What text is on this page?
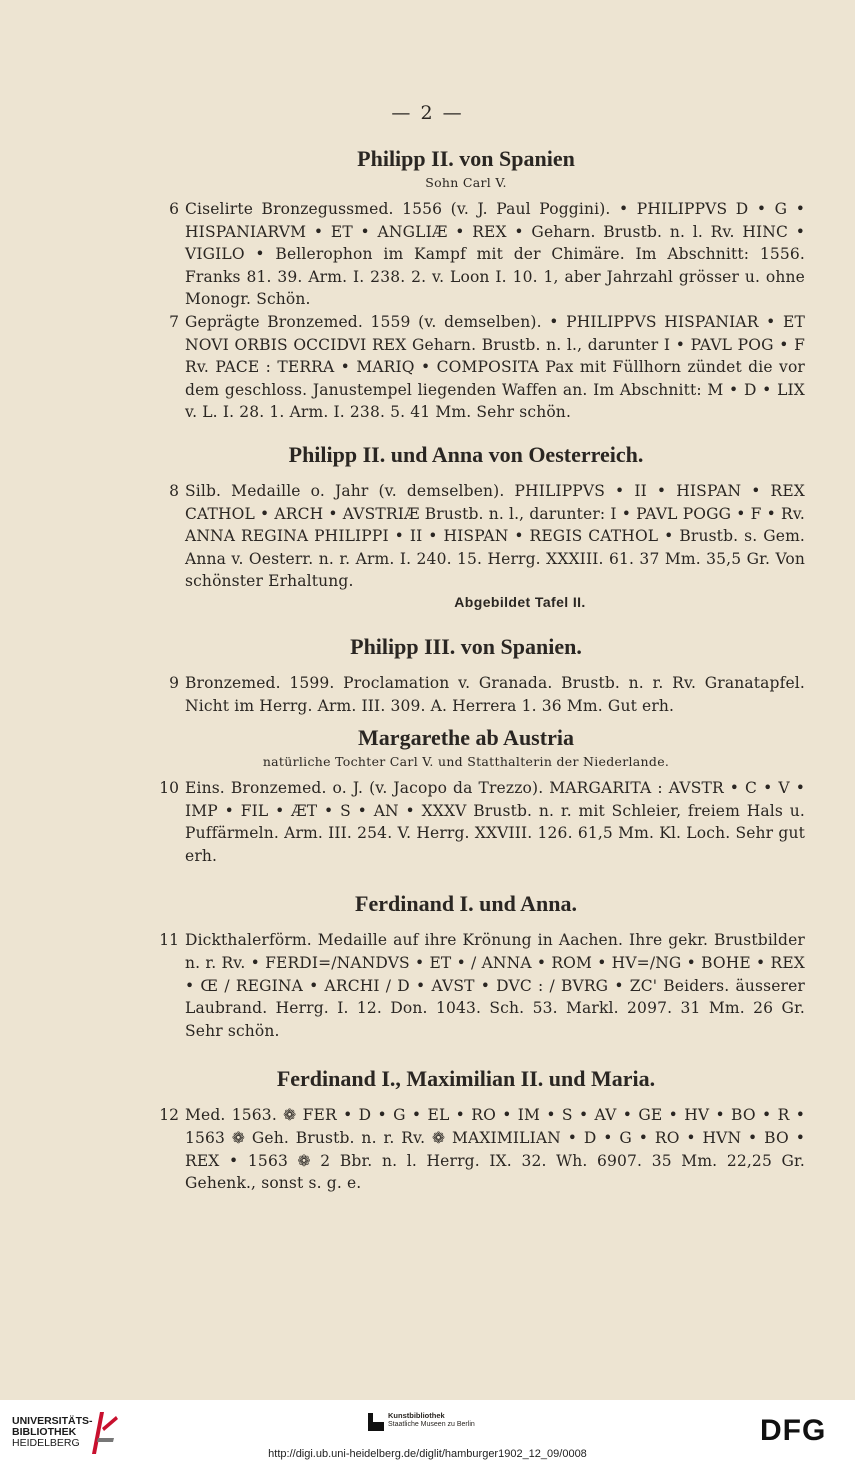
— 2 —
Philipp II. von Spanien

Sohn Carl V.

6 Ciselirte Bronzegussmed. 1556 (v. J. Paul Poggini). • PHILIPPVS D • G • HISPANIARVM • ET • ANGLIÆ • REX • Geharn. Brustb. n. l. Rv. HINC • VIGILO • Bellerophon im Kampf mit der Chimäre. Im Abschnitt: 1556. Franks 81. 39. Arm. I. 238. 2. v. Loon I. 10. 1, aber Jahrzahl grösser u. ohne Monogr. Schön.

7 Geprägte Bronzemed. 1559 (v. demselben). • PHILIPPVS HISPANIAR • ET NOVI ORBIS OCCIDVI REX Geharn. Brustb. n. l., darunter I • PAVL POG • F Rv. PACE : TERRA • MARIQ • COMPOSITA Pax mit Füllhorn zündet die vor dem geschloss. Janustempel liegenden Waffen an. Im Abschnitt: M • D • LIX v. L. I. 28. 1. Arm. I. 238. 5. 41 Mm. Sehr schön.

Philipp II. und Anna von Oesterreich.
8 Silb. Medaille o. Jahr (v. demselben). PHILIPPVS • II • HISPAN • REX CATHOL • ARCH • AVSTRIÆ Brustb. n. l., darunter: I • PAVL POGG • F • Rv. ANNA REGINA PHILIPPI • II • HISPAN • REGIS CATHOL • Brustb. s. Gem. Anna v. Oesterr. n. r. Arm. I. 240. 15. Herrg. XXXIII. 61. 37 Mm. 35,5 Gr. Von schönster Erhaltung.

Abgebildet Tafel II.

Philipp III. von Spanien.
9 Bronzemed. 1599. Proclamation v. Granada. Brustb. n. r. Rv. Granatapfel. Nicht im Herrg. Arm. III. 309. A. Herrera 1. 36 Mm. Gut erh.

Margarethe ab Austria

natürliche Tochter Carl V. und Statthalterin der Niederlande.

10 Eins. Bronzemed. o. J. (v. Jacopo da Trezzo). MARGARITA : AVSTR • C • V • IMP • FIL • ÆT • S • AN • XXXV Brustb. n. r. mit Schleier, freiem Hals u. Puffärmeln. Arm. III. 254. V. Herrg. XXVIII. 126. 61,5 Mm. Kl. Loch. Sehr gut erh.

Ferdinand I. und Anna.
11 Dickthalerförm. Medaille auf ihre Krönung in Aachen. Ihre gekr. Brustbilder n. r. Rv. • FERDI=/NANDVS • ET • / ANNA • ROM • HV=/NG • BOHE • REX • Œ / REGINA • ARCHI / D • AVST • DVC : / BVRG • ZC' Beiders. äusserer Laubrand. Herrg. I. 12. Don. 1043. Sch. 53. Markl. 2097. 31 Mm. 26 Gr. Sehr schön.

Ferdinand I., Maximilian II. und Maria.
12 Med. 1563. ❁ FER • D • G • EL • RO • IM • S • AV • GE • HV • BO • R • 1563 ❁ Geh. Brustb. n. r. Rv. ❁ MAXIMILIAN • D • G • RO • HVN • BO • REX • 1563 ❁ 2 Bbr. n. l. Herrg. IX. 32. Wh. 6907. 35 Mm. 22,25 Gr. Gehenk., sonst s. g. e.

UNIVERSITÄTS-
BIBLIOTHEK
HEIDELBERG
Kunstbibliothek
Staatliche Museen zu Berlin	DFG
http://digi.ub.uni-heidelberg.de/diglit/hamburger1902_12_09/0008
